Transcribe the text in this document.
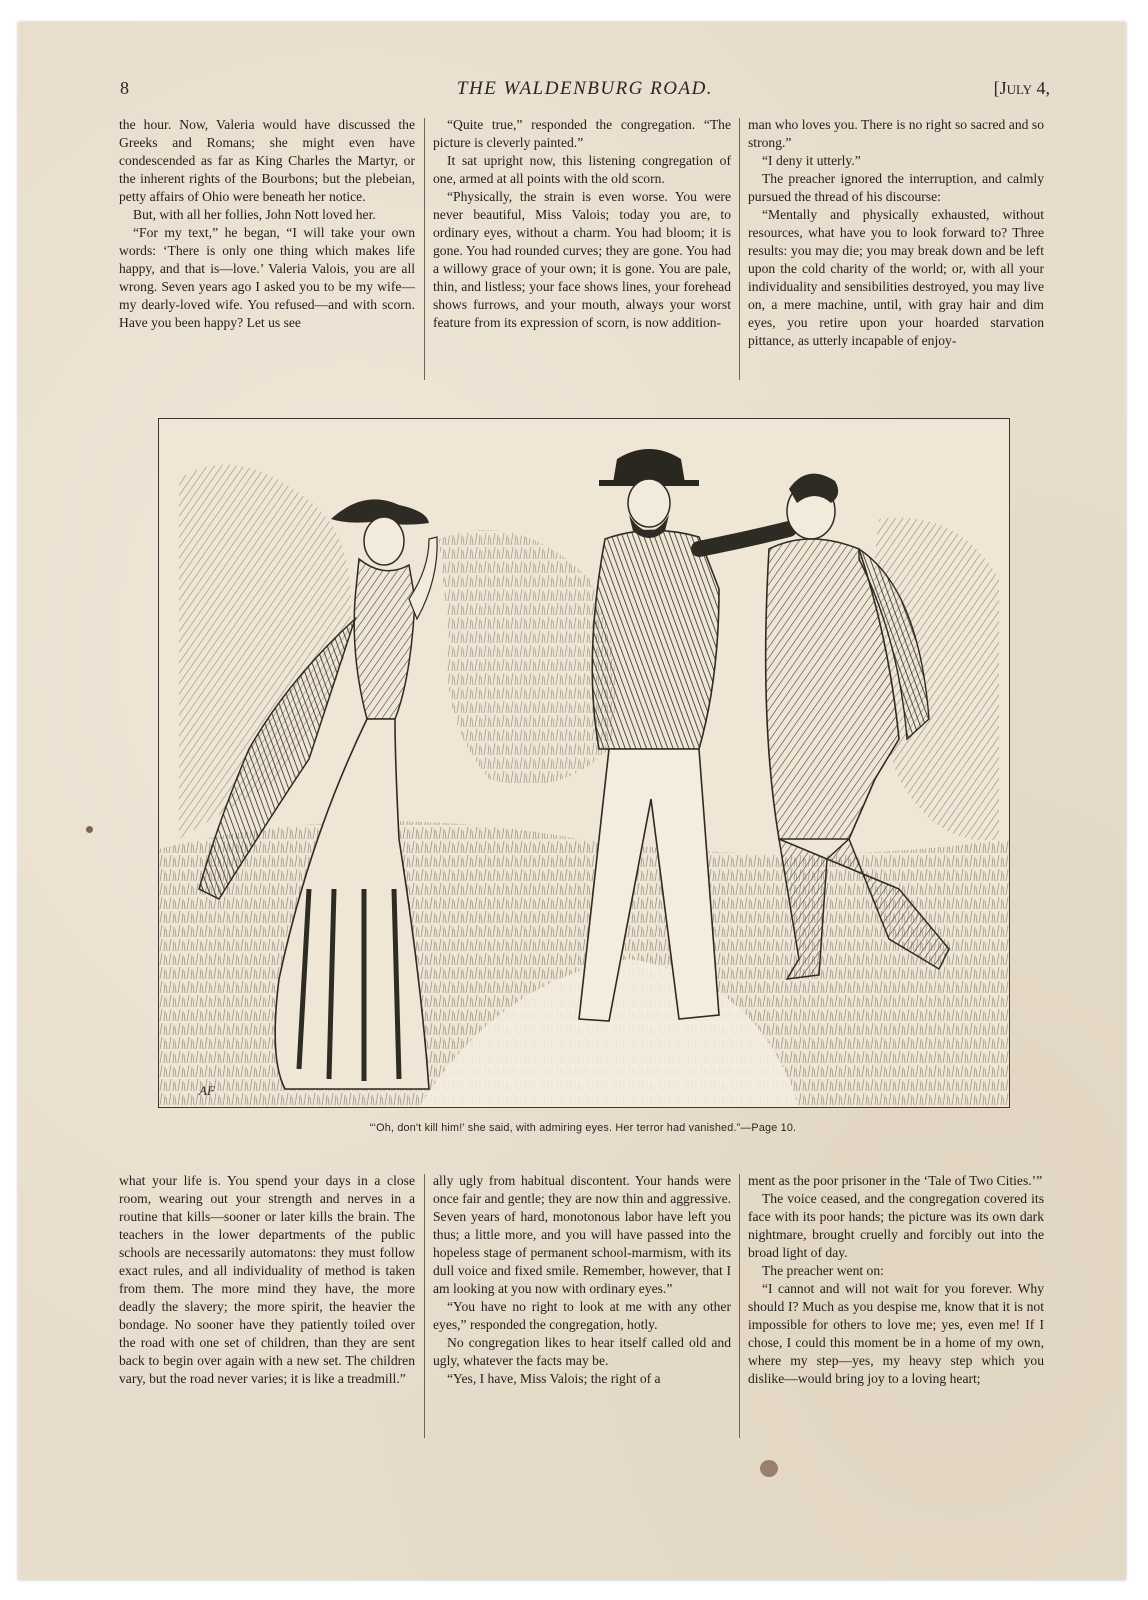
8	THE WALDENBURG ROAD.	[July 4,

the hour. Now, Valeria would have discussed the Greeks and Romans; she might even have condescended as far as King Charles the Martyr, or the inherent rights of the Bourbons; but the plebeian, petty affairs of Ohio were beneath her notice.

But, with all her follies, John Nott loved her.

“For my text,” he began, “I will take your own words: ‘There is only one thing which makes life happy, and that is—love.’ Valeria Valois, you are all wrong. Seven years ago I asked you to be my wife—my dearly-loved wife. You refused—and with scorn. Have you been happy? Let us see

“Quite true,” responded the congregation. “The picture is cleverly painted.”

It sat upright now, this listening congregation of one, armed at all points with the old scorn.

“Physically, the strain is even worse. You were never beautiful, Miss Valois; today you are, to ordinary eyes, without a charm. You had bloom; it is gone. You had rounded curves; they are gone. You had a willowy grace of your own; it is gone. You are pale, thin, and listless; your face shows lines, your forehead shows furrows, and your mouth, always your worst feature from its expression of scorn, is now addition-

man who loves you. There is no right so sacred and so strong.”

“I deny it utterly.”

The preacher ignored the interruption, and calmly pursued the thread of his discourse:

“Mentally and physically exhausted, without resources, what have you to look forward to? Three results: you may die; you may break down and be left upon the cold charity of the world; or, with all your individuality and sensibilities destroyed, you may live on, a mere machine, until, with gray hair and dim eyes, you retire upon your hoarded starvation pittance, as utterly incapable of enjoy-

AF
“‘Oh, don't kill him!’ she said, with admiring eyes. Her terror had vanished.”—Page 10.

what your life is. You spend your days in a close room, wearing out your strength and nerves in a routine that kills—sooner or later kills the brain. The teachers in the lower departments of the public schools are necessarily automatons: they must follow exact rules, and all individuality of method is taken from them. The more mind they have, the more deadly the slavery; the more spirit, the heavier the bondage. No sooner have they patiently toiled over the road with one set of children, than they are sent back to begin over again with a new set. The children vary, but the road never varies; it is like a treadmill.”

ally ugly from habitual discontent. Your hands were once fair and gentle; they are now thin and aggressive. Seven years of hard, monotonous labor have left you thus; a little more, and you will have passed into the hopeless stage of permanent school-marmism, with its dull voice and fixed smile. Remember, however, that I am looking at you now with ordinary eyes.”

“You have no right to look at me with any other eyes,” responded the congregation, hotly.

No congregation likes to hear itself called old and ugly, whatever the facts may be.

“Yes, I have, Miss Valois; the right of a

ment as the poor prisoner in the ‘Tale of Two Cities.’”

The voice ceased, and the congregation covered its face with its poor hands; the picture was its own dark nightmare, brought cruelly and forcibly out into the broad light of day.

The preacher went on:

“I cannot and will not wait for you forever. Why should I? Much as you despise me, know that it is not impossible for others to love me; yes, even me! If I chose, I could this moment be in a home of my own, where my step—yes, my heavy step which you dislike—would bring joy to a loving heart;
